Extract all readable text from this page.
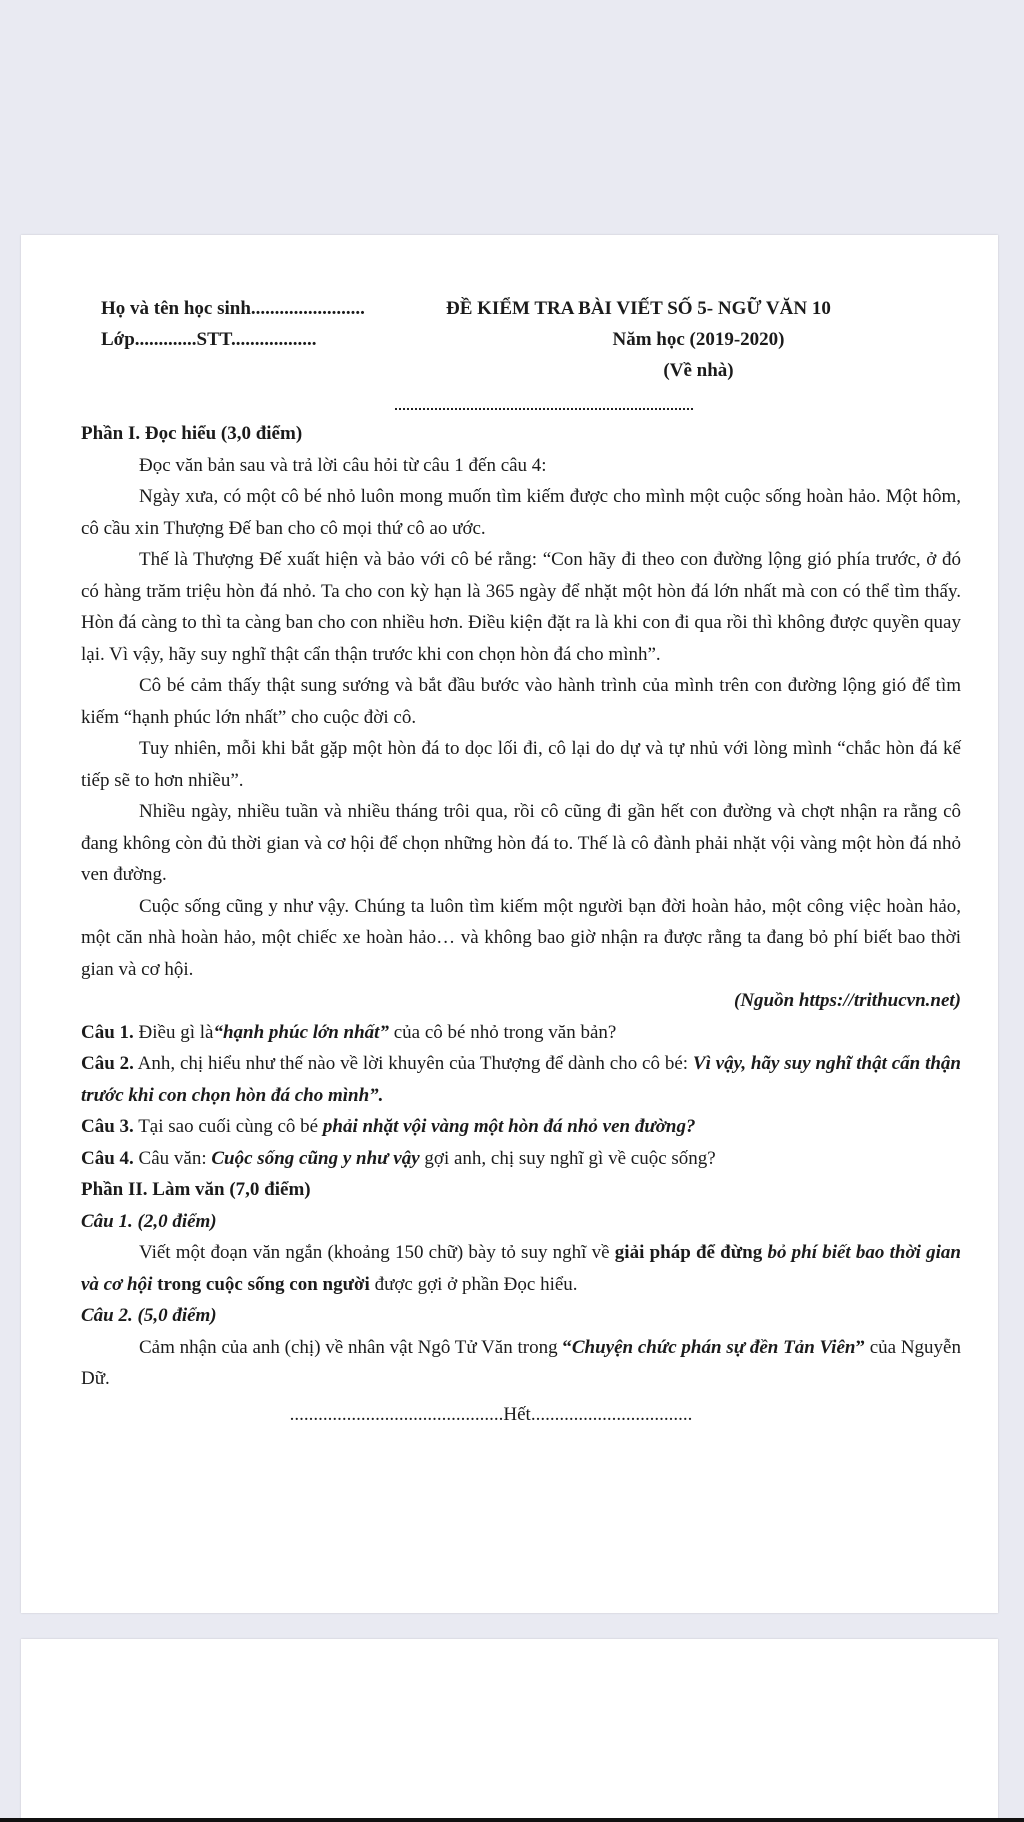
Họ và tên học sinh........................	ĐỀ KIỂM TRA BÀI VIẾT SỐ 5- NGỮ VĂN 10
Lớp.............STT..................	Năm học (2019-2020)
(Về nhà)

Phần I. Đọc hiểu (3,0 điểm)

Đọc văn bản sau và trả lời câu hỏi từ câu 1 đến câu 4:

Ngày xưa, có một cô bé nhỏ luôn mong muốn tìm kiếm được cho mình một cuộc sống hoàn hảo. Một hôm, cô cầu xin Thượng Đế ban cho cô mọi thứ cô ao ước.

Thế là Thượng Đế xuất hiện và bảo với cô bé rằng: “Con hãy đi theo con đường lộng gió phía trước, ở đó có hàng trăm triệu hòn đá nhỏ. Ta cho con kỳ hạn là 365 ngày để nhặt một hòn đá lớn nhất mà con có thể tìm thấy. Hòn đá càng to thì ta càng ban cho con nhiều hơn. Điều kiện đặt ra là khi con đi qua rồi thì không được quyền quay lại. Vì vậy, hãy suy nghĩ thật cẩn thận trước khi con chọn hòn đá cho mình”.

Cô bé cảm thấy thật sung sướng và bắt đầu bước vào hành trình của mình trên con đường lộng gió để tìm kiếm “hạnh phúc lớn nhất” cho cuộc đời cô.

Tuy nhiên, mỗi khi bắt gặp một hòn đá to dọc lối đi, cô lại do dự và tự nhủ với lòng mình “chắc hòn đá kế tiếp sẽ to hơn nhiều”.

Nhiều ngày, nhiều tuần và nhiều tháng trôi qua, rồi cô cũng đi gần hết con đường và chợt nhận ra rằng cô đang không còn đủ thời gian và cơ hội để chọn những hòn đá to. Thế là cô đành phải nhặt vội vàng một hòn đá nhỏ ven đường.

Cuộc sống cũng y như vậy. Chúng ta luôn tìm kiếm một người bạn đời hoàn hảo, một công việc hoàn hảo, một căn nhà hoàn hảo, một chiếc xe hoàn hảo… và không bao giờ nhận ra được rằng ta đang bỏ phí biết bao thời gian và cơ hội.

(Nguồn https://trithucvn.net)

Câu 1. Điều gì là“hạnh phúc lớn nhất” của cô bé nhỏ trong văn bản?

Câu 2. Anh, chị hiểu như thế nào về lời khuyên của Thượng để dành cho cô bé: Vì vậy, hãy suy nghĩ thật cẩn thận trước khi con chọn hòn đá cho mình”.

Câu 3. Tại sao cuối cùng cô bé phải nhặt vội vàng một hòn đá nhỏ ven đường?

Câu 4. Câu văn: Cuộc sống cũng y như vậy gợi anh, chị suy nghĩ gì về cuộc sống?

Phần II. Làm văn (7,0 điểm)

Câu 1. (2,0 điểm)

Viết một đoạn văn ngắn (khoảng 150 chữ) bày tỏ suy nghĩ về giải pháp để đừng bỏ phí biết bao thời gian và cơ hội trong cuộc sống con người được gợi ở phần Đọc hiểu.

Câu 2. (5,0 điểm)

Cảm nhận của anh (chị) về nhân vật Ngô Tử Văn trong “Chuyện chức phán sự đền Tản Viên” của Nguyễn Dữ.

.............................................Hết..................................
